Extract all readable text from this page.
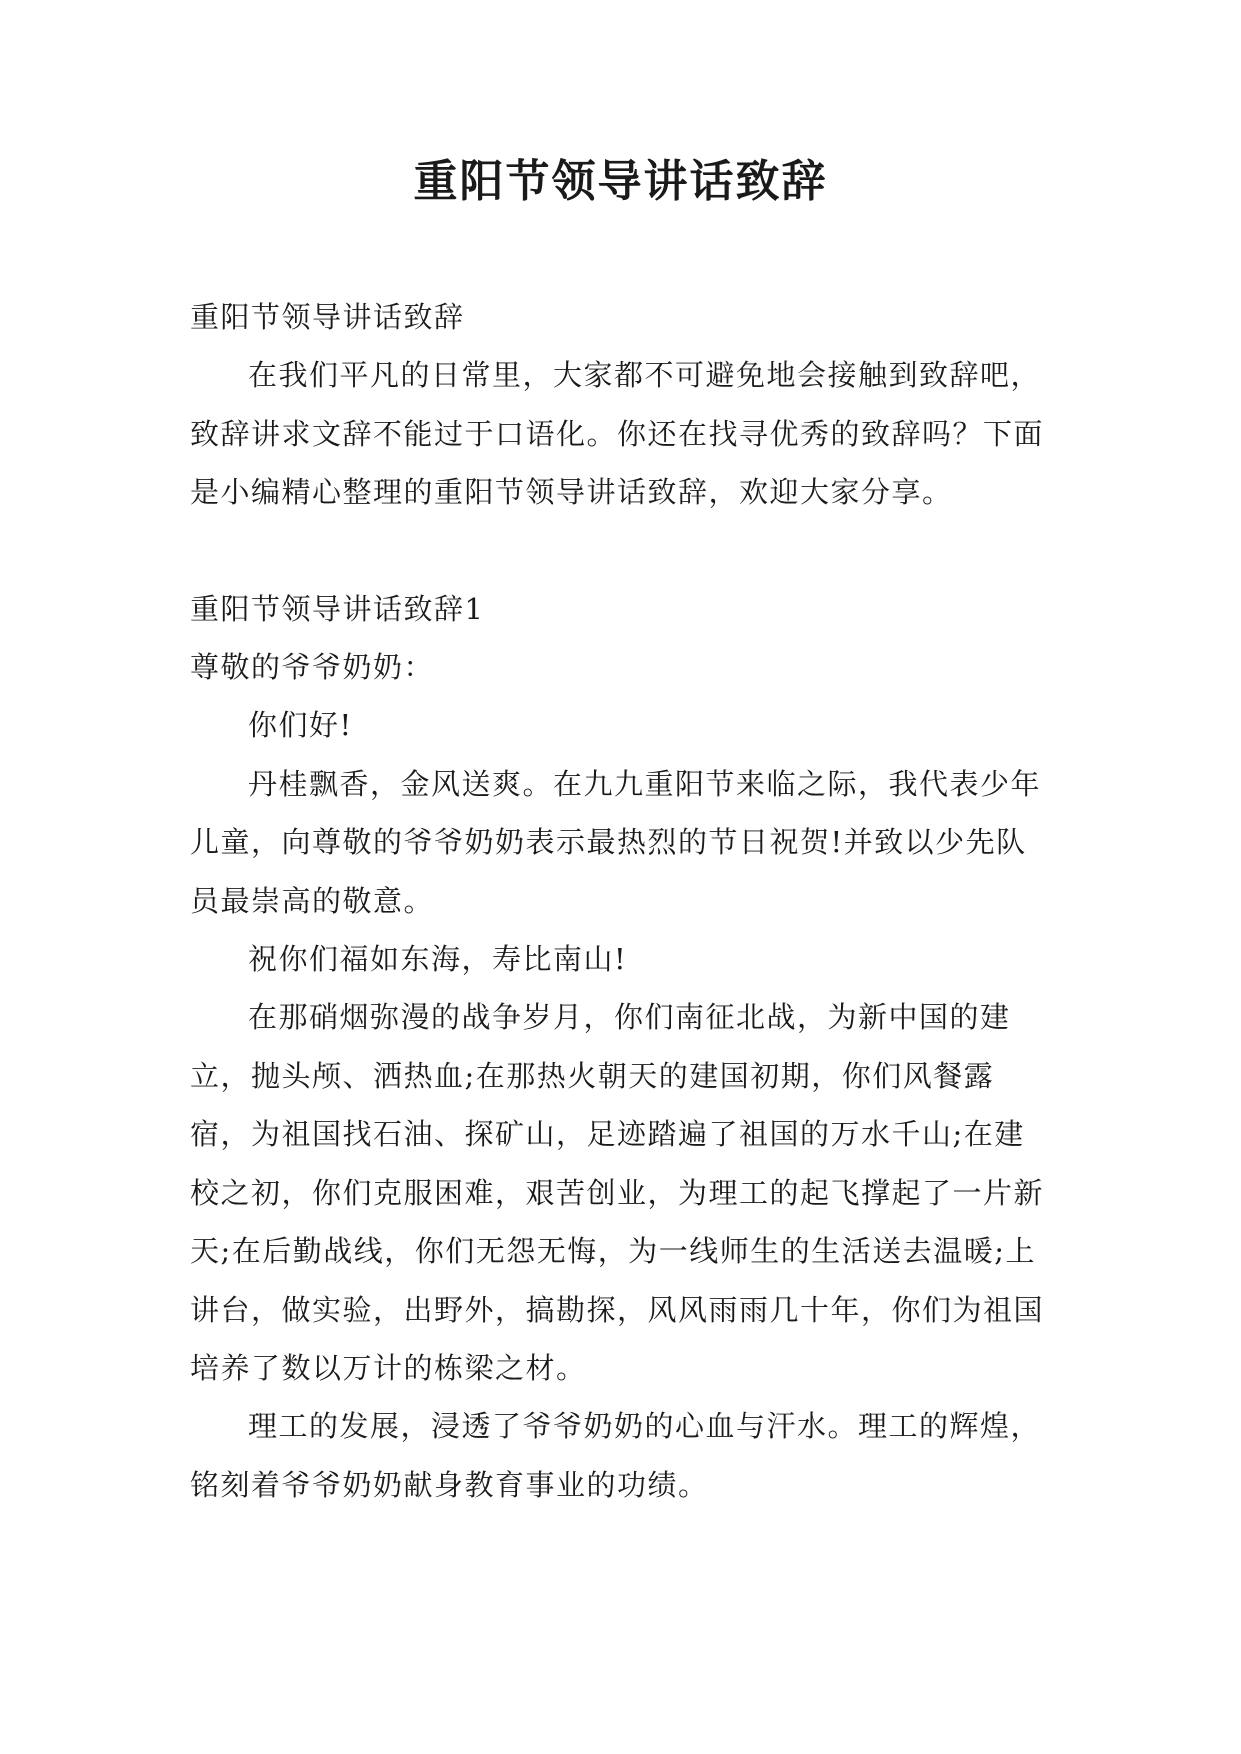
重阳节领导讲话致辞

重阳节领导讲话致辞

在我们平凡的日常里，大家都不可避免地会接触到致辞吧，致辞讲求文辞不能过于口语化。你还在找寻优秀的致辞吗？下面是小编精心整理的重阳节领导讲话致辞，欢迎大家分享。

重阳节领导讲话致辞1

尊敬的爷爷奶奶：

你们好!

丹桂飘香，金风送爽。在九九重阳节来临之际，我代表少年儿童，向尊敬的爷爷奶奶表示最热烈的节日祝贺!并致以少先队员最崇高的敬意。

祝你们福如东海，寿比南山!

在那硝烟弥漫的战争岁月，你们南征北战，为新中国的建立，抛头颅、洒热血;在那热火朝天的建国初期，你们风餐露宿，为祖国找石油、探矿山，足迹踏遍了祖国的万水千山;在建校之初，你们克服困难，艰苦创业，为理工的起飞撑起了一片新天;在后勤战线，你们无怨无悔，为一线师生的生活送去温暖;上讲台，做实验，出野外，搞勘探，风风雨雨几十年，你们为祖国培养了数以万计的栋梁之材。

理工的发展，浸透了爷爷奶奶的心血与汗水。理工的辉煌，铭刻着爷爷奶奶献身教育事业的功绩。
